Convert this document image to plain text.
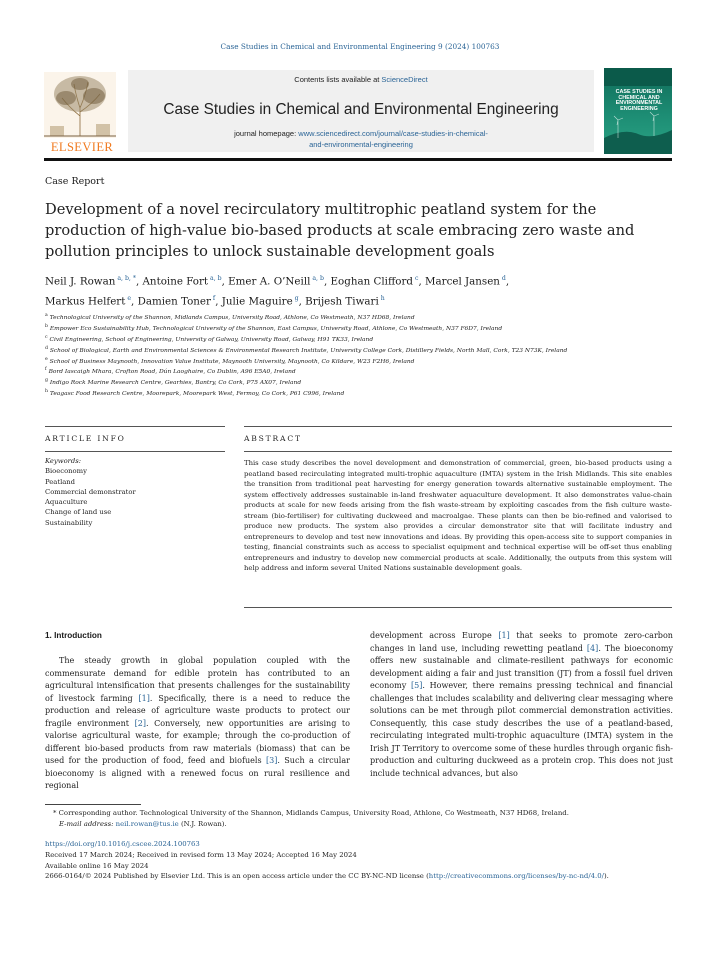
Case Studies in Chemical and Environmental Engineering 9 (2024) 100763
Contents lists available at ScienceDirect
Case Studies in Chemical and Environmental Engineering
journal homepage: www.sciencedirect.com/journal/case-studies-in-chemical-
and-environmental-engineering
ELSEVIER
CASE STUDIES IN CHEMICAL AND ENVIRONMENTAL ENGINEERING
Case Report
Development of a novel recirculatory multitrophic peatland system for the production of high-value bio-based products at scale embracing zero waste and pollution principles to unlock sustainable development goals
Neil J. Rowan $^{a, b, *}$, Antoine Fort $^{a, b}$, Emer A. O’Neill $^{a, b}$, Eoghan Clifford $^c$, Marcel Jansen $^d$,
Markus Helfert $^e$, Damien Toner $^f$, Julie Maguire $^g$, Brijesh Tiwari $^h$
$^a$ Technological University of the Shannon, Midlands Campus, University Road, Athlone, Co Westmeath, N37 HD68, Ireland
$^b$ Empower Eco Sustainability Hub, Technological University of the Shannon, East Campus, University Road, Athlone, Co Westmeath, N37 F6D7, Ireland
$^c$ Civil Engineering, School of Engineering, University of Galway, University Road, Galway, H91 TK33, Ireland
$^d$ School of Biological, Earth and Environmental Sciences & Environmental Research Institute, University College Cork, Distillery Fields, North Mall, Cork, T23 N73K, Ireland
$^e$ School of Business Maynooth, Innovation Value Institute, Maynooth University, Maynooth, Co Kildare, W23 F2H6, Ireland
$^f$ Bord Iascaigh Mhara, Crofton Road, Dún Laoghaire, Co Dublin, A96 E5A0, Ireland
$^g$ Indigo Rock Marine Research Centre, Gearhies, Bantry, Co Cork, P75 AX07, Ireland
$^h$ Teagasc Food Research Centre, Moorepark, Moorepark West, Fermoy, Co Cork, P61 C996, Ireland
ARTICLE INFO	ABSTRACT
Keywords:
Bioeconomy
Peatland
Commercial demonstrator
Aquaculture
Change of land use
Sustainability
This case study describes the novel development and demonstration of commercial, green, bio-based products using a peatland based recirculating integrated multi-trophic aquaculture (IMTA) system in the Irish Midlands. This site enables the transition from traditional peat harvesting for energy generation towards alternative sustainable employment. The system effectively addresses sustainable in-land freshwater aquaculture development. It also demonstrates value-chain products at scale for new feeds arising from the fish waste-stream by exploiting cascades from the fish culture waste-stream (bio-fertiliser) for cultivating duckweed and macroalgae. These plants can then be bio-refined and valorised to produce new products. The system also provides a circular demonstrator site that will facilitate industry and entrepreneurs to develop and test new innovations and ideas. By providing this open-access site to support companies in testing, financial constraints such as access to specialist equipment and technical expertise will be off-set thus enabling entrepreneurs and industry to develop new commercial products at scale. Additionally, the outputs from this system will help address and inform several United Nations sustainable development goals.
1. Introduction
The steady growth in global population coupled with the commensurate demand for edible protein has contributed to an agricultural intensification that presents challenges for the sustainability of livestock farming [1]. Specifically, there is a need to reduce the production and release of agriculture waste products to protect our fragile environment [2]. Conversely, new opportunities are arising to valorise agricultural waste, for example; through the co-production of different bio-based products from raw materials (biomass) that can be used for the production of food, feed and biofuels [3]. Such a circular bioeconomy is aligned with a renewed focus on rural resilience and regional
development across Europe [1] that seeks to promote zero-carbon changes in land use, including rewetting peatland [4]. The bioeconomy offers new sustainable and climate-resilient pathways for economic development aiding a fair and just transition (JT) from a fossil fuel driven economy [5]. However, there remains pressing technical and financial challenges that includes scalability and delivering clear messaging where solutions can be met through pilot commercial demonstration activities. Consequently, this case study describes the use of a peatland-based, recirculating integrated multi-trophic aquaculture (IMTA) system in the Irish JT Territory to overcome some of these hurdles through organic fish-production and culturing duckweed as a protein crop. This does not just include technical advances, but also
* Corresponding author. Technological University of the Shannon, Midlands Campus, University Road, Athlone, Co Westmeath, N37 HD68, Ireland.
E-mail address: neil.rowan@tus.ie (N.J. Rowan).
https://doi.org/10.1016/j.cscee.2024.100763
Received 17 March 2024; Received in revised form 13 May 2024; Accepted 16 May 2024
Available online 16 May 2024
2666-0164/© 2024 Published by Elsevier Ltd. This is an open access article under the CC BY-NC-ND license (http://creativecommons.org/licenses/by-nc-nd/4.0/).
